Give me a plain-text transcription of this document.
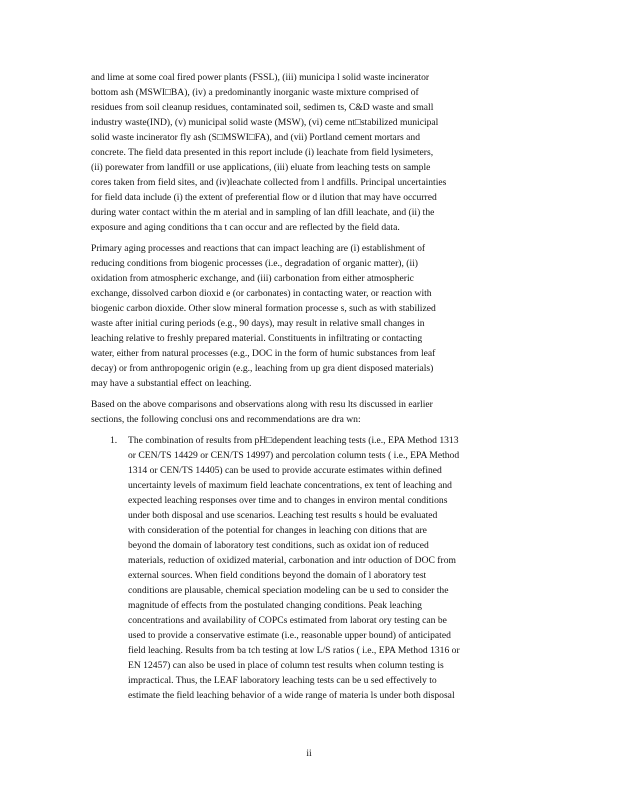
and lime at some coal fired power plants (FSSL), (iii) municipa l solid waste incinerator
bottom ash (MSWI□BA), (iv) a predominantly inorganic waste mixture comprised of
residues from soil cleanup residues, contaminated soil, sedimen ts, C&D waste and small
industry waste(IND), (v) municipal solid waste (MSW), (vi) ceme nt□stabilized municipal
solid waste incinerator fly ash (S□MSWI□FA), and (vii) Portland cement mortars and
concrete. The field data presented in this report include (i) leachate from field lysimeters,
(ii) porewater from landfill or use applications, (iii) eluate from leaching tests on sample
cores taken from field sites, and (iv)leachate collected from l andfills. Principal uncertainties
for field data include (i) the extent of preferential flow or d ilution that may have occurred
during water contact within the m aterial and in sampling of lan dfill leachate, and (ii) the
exposure and aging conditions tha t can occur and are reflected by the field data.

Primary aging processes and reactions that can impact leaching are (i) establishment of
reducing conditions from biogenic processes (i.e., degradation of organic matter), (ii)
oxidation from atmospheric exchange, and (iii) carbonation from either atmospheric
exchange, dissolved carbon dioxid e (or carbonates) in contacting water, or reaction with
biogenic carbon dioxide. Other slow mineral formation processe s, such as with stabilized
waste after initial curing periods (e.g., 90 days), may result in relative small changes in
leaching relative to freshly prepared material. Constituents in infiltrating or contacting
water, either from natural processes (e.g., DOC in the form of humic substances from leaf
decay) or from anthropogenic origin (e.g., leaching from up gra dient disposed materials)
may have a substantial effect on leaching.

Based on the above comparisons and observations along with resu lts discussed in earlier
sections, the following conclusi ons and recommendations are dra wn:

1. The combination of results from pH□dependent leaching tests (i.e., EPA Method 1313
or CEN/TS 14429 or CEN/TS 14997) and percolation column tests ( i.e., EPA Method
1314 or CEN/TS 14405) can be used to provide accurate estimates within defined
uncertainty levels of maximum field leachate concentrations, ex tent of leaching and
expected leaching responses over time and to changes in environ mental conditions
under both disposal and use scenarios. Leaching test results s hould be evaluated
with consideration of the potential for changes in leaching con ditions that are
beyond the domain of laboratory test conditions, such as oxidat ion of reduced
materials, reduction of oxidized material, carbonation and intr oduction of DOC from
external sources. When field conditions beyond the domain of l aboratory test
conditions are plausable, chemical speciation modeling can be u sed to consider the
magnitude of effects from the postulated changing conditions. Peak leaching
concentrations and availability of COPCs estimated from laborat ory testing can be
used to provide a conservative estimate (i.e., reasonable upper bound) of anticipated
field leaching. Results from ba tch testing at low L/S ratios ( i.e., EPA Method 1316 or
EN 12457) can also be used in place of column test results when column testing is
impractical. Thus, the LEAF laboratory leaching tests can be u sed effectively to
estimate the field leaching behavior of a wide range of materia ls under both disposal
ii
